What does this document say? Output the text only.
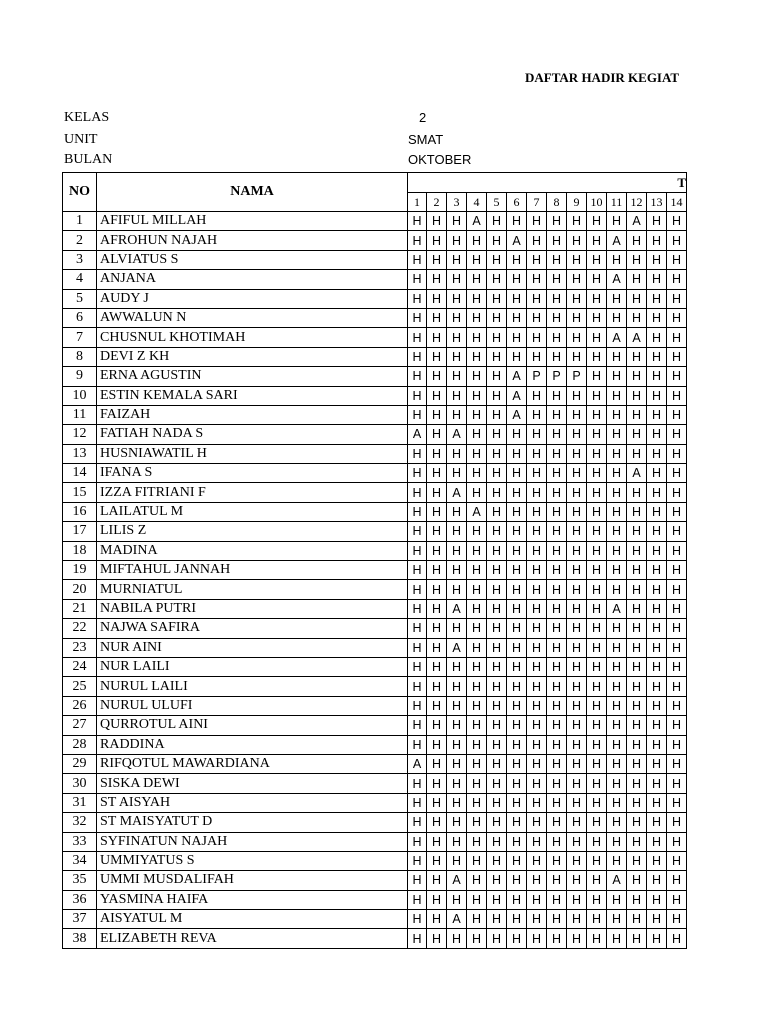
DAFTAR HADIR KEGIAT
KELAS	2
UNIT	SMAT
BULAN	OKTOBER
NO	NAMA	T													
		1	2	3	4	5	6	7	8	9	10	11	12	13	14
1	AFIFUL MILLAH	H	H	H	A	H	H	H	H	H	H	H	A	H	H
2	AFROHUN NAJAH	H	H	H	H	H	A	H	H	H	H	A	H	H	H
3	ALVIATUS S	H	H	H	H	H	H	H	H	H	H	H	H	H	H
4	ANJANA	H	H	H	H	H	H	H	H	H	H	A	H	H	H
5	AUDY J	H	H	H	H	H	H	H	H	H	H	H	H	H	H
6	AWWALUN N	H	H	H	H	H	H	H	H	H	H	H	H	H	H
7	CHUSNUL KHOTIMAH	H	H	H	H	H	H	H	H	H	H	A	A	H	H
8	DEVI Z KH	H	H	H	H	H	H	H	H	H	H	H	H	H	H
9	ERNA AGUSTIN	H	H	H	H	H	A	P	P	P	H	H	H	H	H
10	ESTIN KEMALA SARI	H	H	H	H	H	A	H	H	H	H	H	H	H	H
11	FAIZAH	H	H	H	H	H	A	H	H	H	H	H	H	H	H
12	FATIAH NADA S	A	H	A	H	H	H	H	H	H	H	H	H	H	H
13	HUSNIAWATIL H	H	H	H	H	H	H	H	H	H	H	H	H	H	H
14	IFANA S	H	H	H	H	H	H	H	H	H	H	H	A	H	H
15	IZZA FITRIANI F	H	H	A	H	H	H	H	H	H	H	H	H	H	H
16	LAILATUL M	H	H	H	A	H	H	H	H	H	H	H	H	H	H
17	LILIS Z	H	H	H	H	H	H	H	H	H	H	H	H	H	H
18	MADINA	H	H	H	H	H	H	H	H	H	H	H	H	H	H
19	MIFTAHUL JANNAH	H	H	H	H	H	H	H	H	H	H	H	H	H	H
20	MURNIATUL	H	H	H	H	H	H	H	H	H	H	H	H	H	H
21	NABILA PUTRI	H	H	A	H	H	H	H	H	H	H	A	H	H	H
22	NAJWA SAFIRA	H	H	H	H	H	H	H	H	H	H	H	H	H	H
23	NUR AINI	H	H	A	H	H	H	H	H	H	H	H	H	H	H
24	NUR LAILI	H	H	H	H	H	H	H	H	H	H	H	H	H	H
25	NURUL LAILI	H	H	H	H	H	H	H	H	H	H	H	H	H	H
26	NURUL ULUFI	H	H	H	H	H	H	H	H	H	H	H	H	H	H
27	QURROTUL AINI	H	H	H	H	H	H	H	H	H	H	H	H	H	H
28	RADDINA	H	H	H	H	H	H	H	H	H	H	H	H	H	H
29	RIFQOTUL MAWARDIANA	A	H	H	H	H	H	H	H	H	H	H	H	H	H
30	SISKA DEWI	H	H	H	H	H	H	H	H	H	H	H	H	H	H
31	ST AISYAH	H	H	H	H	H	H	H	H	H	H	H	H	H	H
32	ST MAISYATUT D	H	H	H	H	H	H	H	H	H	H	H	H	H	H
33	SYFINATUN NAJAH	H	H	H	H	H	H	H	H	H	H	H	H	H	H
34	UMMIYATUS S	H	H	H	H	H	H	H	H	H	H	H	H	H	H
35	UMMI MUSDALIFAH	H	H	A	H	H	H	H	H	H	H	A	H	H	H
36	YASMINA HAIFA	H	H	H	H	H	H	H	H	H	H	H	H	H	H
37	AISYATUL M	H	H	A	H	H	H	H	H	H	H	H	H	H	H
38	ELIZABETH REVA	H	H	H	H	H	H	H	H	H	H	H	H	H	H
